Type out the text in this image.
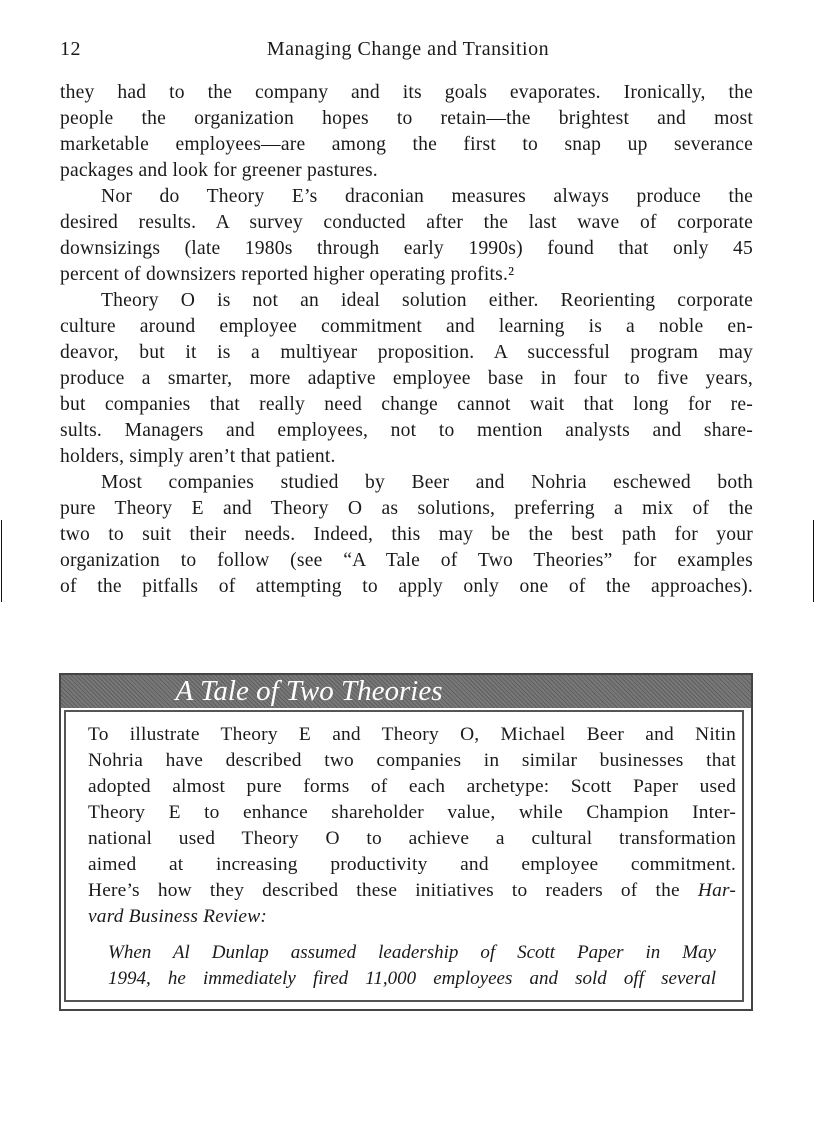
12	Managing Change and Transition
they had to the company and its goals evaporates. Ironically, the
people the organization hopes to retain—the brightest and most
marketable employees—are among the first to snap up severance
packages and look for greener pastures.
Nor do Theory E’s draconian measures always produce the
desired results. A survey conducted after the last wave of corporate
downsizings (late 1980s through early 1990s) found that only 45
percent of downsizers reported higher operating profits.²
Theory O is not an ideal solution either. Reorienting corporate
culture around employee commitment and learning is a noble en-
deavor, but it is a multiyear proposition. A successful program may
produce a smarter, more adaptive employee base in four to five years,
but companies that really need change cannot wait that long for re-
sults. Managers and employees, not to mention analysts and share-
holders, simply aren’t that patient.
Most companies studied by Beer and Nohria eschewed both
pure Theory E and Theory O as solutions, preferring a mix of the
two to suit their needs. Indeed, this may be the best path for your
organization to follow (see “A Tale of Two Theories” for examples
of the pitfalls of attempting to apply only one of the approaches).
A Tale of Two Theories
To illustrate Theory E and Theory O, Michael Beer and Nitin
Nohria have described two companies in similar businesses that
adopted almost pure forms of each archetype: Scott Paper used
Theory E to enhance shareholder value, while Champion Inter-
national used Theory O to achieve a cultural transformation
aimed at increasing productivity and employee commitment.
Here’s how they described these initiatives to readers of the Har-
vard Business Review:
When Al Dunlap assumed leadership of Scott Paper in May
1994, he immediately fired 11,000 employees and sold off several
